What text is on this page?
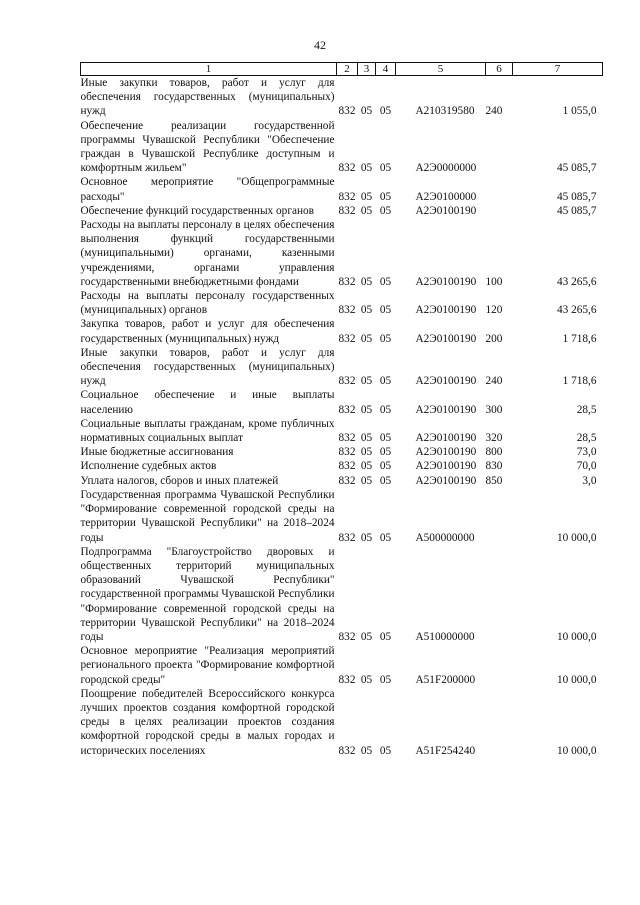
42
1	2	3	4	5	6	7
Иные закупки товаров, работ и услуг для обеспечения государственных (муниципальных) нужд	832	05	05	A210319580	240	1 055,0
Обеспечение реализации государственной программы Чувашской Республики "Обеспечение граждан в Чувашской Республике доступным и комфортным жильем"	832	05	05	A2Э0000000		45 085,7
Основное мероприятие "Общепрограммные расходы"	832	05	05	A2Э0100000		45 085,7
Обеспечение функций государственных органов	832	05	05	A2Э0100190		45 085,7
Расходы на выплаты персоналу в целях обеспечения выполнения функций государственными (муниципальными) органами, казенными учреждениями, органами управления государственными внебюджетными фондами	832	05	05	A2Э0100190	100	43 265,6
Расходы на выплаты персоналу государственных (муниципальных) органов	832	05	05	A2Э0100190	120	43 265,6
Закупка товаров, работ и услуг для обеспечения государственных (муниципальных) нужд	832	05	05	A2Э0100190	200	1 718,6
Иные закупки товаров, работ и услуг для обеспечения государственных (муниципальных) нужд	832	05	05	A2Э0100190	240	1 718,6
Социальное обеспечение и иные выплаты населению	832	05	05	A2Э0100190	300	28,5
Социальные выплаты гражданам, кроме публичных нормативных социальных выплат	832	05	05	A2Э0100190	320	28,5
Иные бюджетные ассигнования	832	05	05	A2Э0100190	800	73,0
Исполнение судебных актов	832	05	05	A2Э0100190	830	70,0
Уплата налогов, сборов и иных платежей	832	05	05	A2Э0100190	850	3,0
Государственная программа Чувашской Республики "Формирование современной городской среды на территории Чувашской Республики" на 2018–2024 годы	832	05	05	A500000000		10 000,0
Подпрограмма "Благоустройство дворовых и общественных территорий муниципальных образований Чувашской Республики" государственной программы Чувашской Республики "Формирование современной городской среды на территории Чувашской Республики" на 2018–2024 годы	832	05	05	A510000000		10 000,0
Основное мероприятие "Реализация мероприятий регионального проекта "Формирование комфортной городской среды"	832	05	05	A51F200000		10 000,0
Поощрение победителей Всероссийского конкурса лучших проектов создания комфортной городской среды в целях реализации проектов создания комфортной городской среды в малых городах и исторических поселениях	832	05	05	A51F254240		10 000,0
